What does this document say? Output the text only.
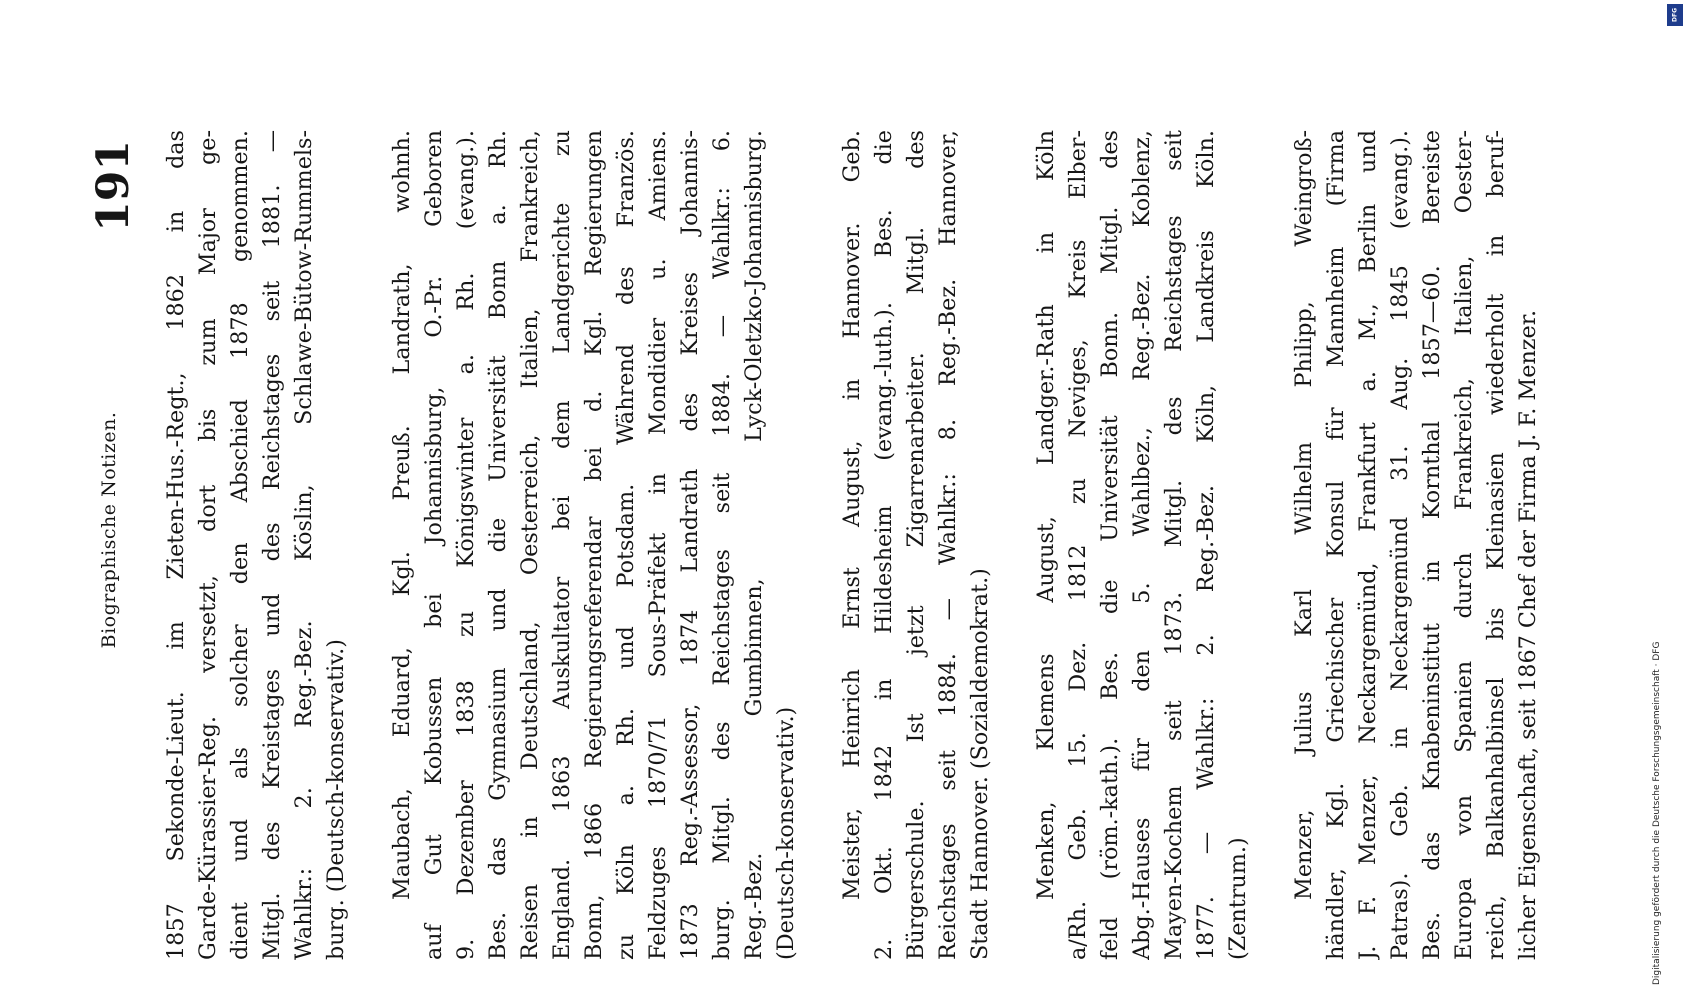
Biographische Notizen.
191 1857 Sekonde-Lieut. im Zieten-Hus.-Regt., 1862 in das Garde-Kürassier-Reg. versetzt, dort bis zum Major ge- dient und als solcher den Abschied 1878 genommen. Mitgl. des Kreistages und des Reichstages seit 1881. — Wahlkr.: 2. Reg.-Bez. Köslin, Schlawe-Bütow-Rummels- burg. (Deutsch-konservativ.) Maubach, Eduard, Kgl. Preuß. Landrath, wohnh. auf Gut Kobussen bei Johannisburg, O.-Pr. Geboren 9. Dezember 1838 zu Königswinter a. Rh. (evang.). Bes. das Gymnasium und die Universität Bonn a. Rh. Reisen in Deutschland, Oesterreich, Italien, Frankreich, England. 1863 Auskultator bei dem Landgerichte zu Bonn, 1866 Regierungsreferendar bei d. Kgl. Regierungen zu Köln a. Rh. und Potsdam. Während des Französ. Feldzuges 1870/71 Sous-Präfekt in Mondidier u. Amiens. 1873 Reg.-Assessor, 1874 Landrath des Kreises Johannis- burg. Mitgl. des Reichstages seit 1884. — Wahlkr.: 6. Reg.-Bez. Gumbinnen, Lyck-Oletzko-Johannisburg. (Deutsch-konservativ.) Meister, Heinrich Ernst August, in Hannover. Geb. 2. Okt. 1842 in Hildesheim (evang.-luth.). Bes. die Bürgerschule. Ist jetzt Zigarrenarbeiter. Mitgl. des Reichstages seit 1884. — Wahlkr.: 8. Reg.-Bez. Hannover, Stadt Hannover. (Sozialdemokrat.) Menken, Klemens August, Landger.-Rath in Köln a/Rh. Geb. 15. Dez. 1812 zu Neviges, Kreis Elber- feld (röm.-kath.). Bes. die Universität Bonn. Mitgl. des Abg.-Hauses für den 5. Wahlbez., Reg.-Bez. Koblenz, Mayen-Kochem seit 1873. Mitgl. des Reichstages seit 1877. — Wahlkr.: 2. Reg.-Bez. Köln, Landkreis Köln. (Zentrum.) Menzer, Julius Karl Wilhelm Philipp, Weingroß- händler, Kgl. Griechischer Konsul für Mannheim (Firma J. F. Menzer, Neckargemünd, Frankfurt a. M., Berlin und Patras). Geb. in Neckargemünd 31. Aug. 1845 (evang.). Bes. das Knabeninstitut in Kornthal 1857—60. Bereiste Europa von Spanien durch Frankreich, Italien, Oester- reich, Balkanhalbinsel bis Kleinasien wiederholt in beruf- licher Eigenschaft, seit 1867 Chef der Firma J. F. Menzer.	Digitalisierung gefördert durch die Deutsche Forschungsgemeinschaft · DFG
DFG
